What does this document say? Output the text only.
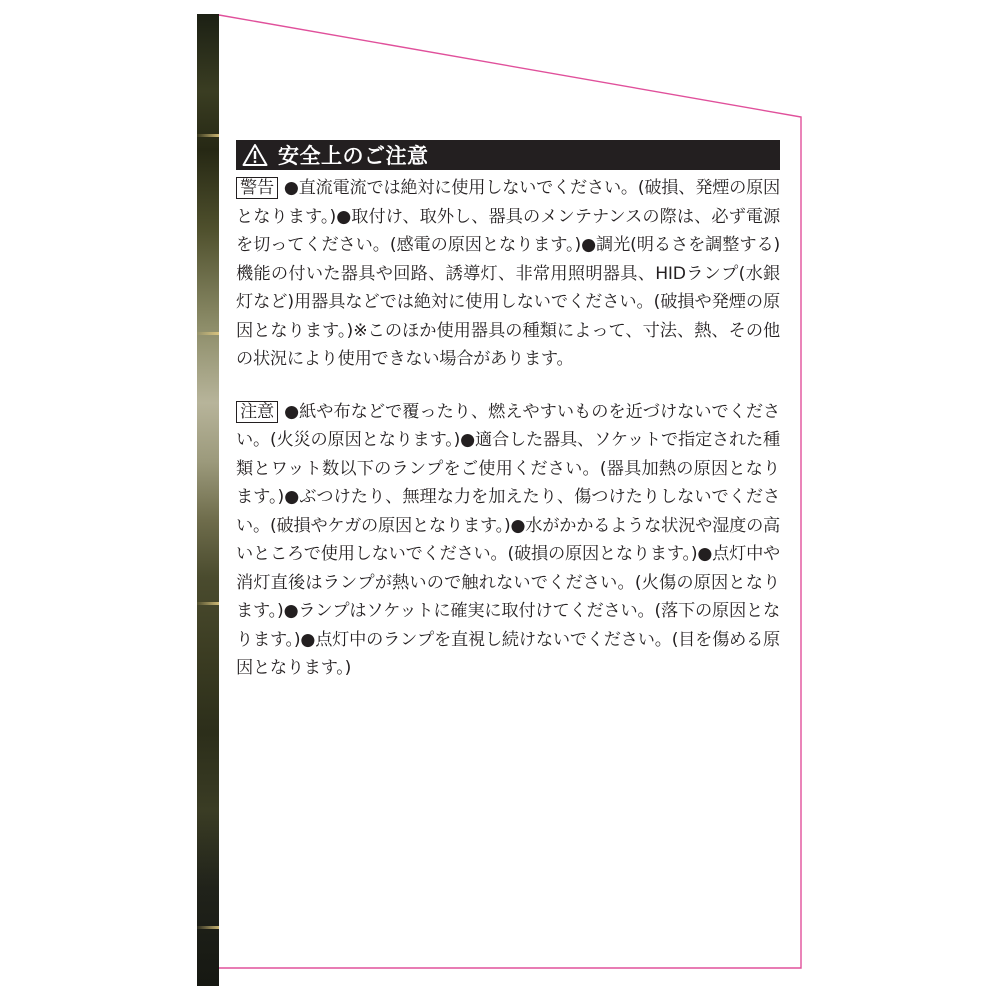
安全上のご注意
警告 ●直流電流では絶対に使用しないでください。(破損、発煙の原因となります。)●取付け、取外し、器具のメンテナンスの際は、必ず電源を切ってください。(感電の原因となります。)●調光(明るさを調整する)機能の付いた器具や回路、誘導灯、非常用照明器具、HIDランプ(水銀灯など)用器具などでは絶対に使用しないでください。(破損や発煙の原因となります。)※このほか使用器具の種類によって、寸法、熱、その他の状況により使用できない場合があります。
注意 ●紙や布などで覆ったり、燃えやすいものを近づけないでください。(火災の原因となります。)●適合した器具、ソケットで指定された種類とワット数以下のランプをご使用ください。(器具加熱の原因となります。)●ぶつけたり、無理な力を加えたり、傷つけたりしないでください。(破損やケガの原因となります。)●水がかかるような状況や湿度の高いところで使用しないでください。(破損の原因となります。)●点灯中や消灯直後はランプが熱いので触れないでください。(火傷の原因となります。)●ランプはソケットに確実に取付けてください。(落下の原因となります。)●点灯中のランプを直視し続けないでください。(目を傷める原因となります。)
